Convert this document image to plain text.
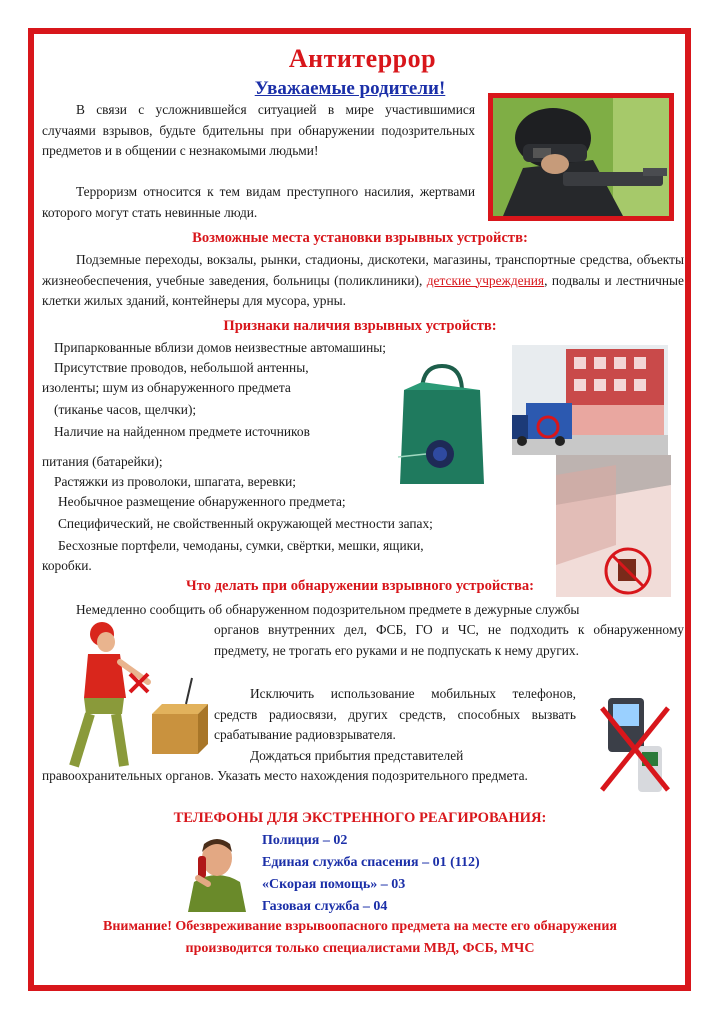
Антитеррор
Уважаемые родители!
В связи с усложнившейся ситуацией в мире участившимися случаями взрывов, будьте бдительны при обнаружении подозрительных предметов и в общении с незнакомыми людьми!
Терроризм относится к тем видам преступного насилия, жертвами которого могут стать невинные люди.
Возможные места установки взрывных устройств:
Подземные переходы, вокзалы, рынки, стадионы, дискотеки, магазины, транспортные средства, объекты жизнеобеспечения, учебные заведения, больницы (поликлиники), детские учреждения, подвалы и лестничные клетки жилых зданий, контейнеры для мусора, урны.
Признаки наличия взрывных устройств:
Припаркованные вблизи домов неизвестные автомашины;
Присутствие проводов, небольшой антенны,
изоленты; шум из обнаруженного предмета
(тиканье часов, щелчки);
Наличие на найденном предмете источников
питания (батарейки);
Растяжки из проволоки, шпагата, веревки;
Необычное размещение обнаруженного предмета;
Специфический, не свойственный окружающей местности запах;
Бесхозные портфели, чемоданы, сумки, свёртки, мешки, ящики,
коробки.
Что делать при обнаружении взрывного устройства:
Немедленно сообщить об обнаруженном подозрительном предмете в дежурные службы
органов внутренних дел, ФСБ, ГО и ЧС, не подходить к обнаруженному предмету, не трогать его руками и не подпускать к нему других.
Исключить использование мобильных телефонов, средств радиосвязи, других средств, способных вызвать срабатывание радиовзрывателя.
Дождаться прибытия представителей
правоохранительных органов. Указать место нахождения подозрительного предмета.
ТЕЛЕФОНЫ ДЛЯ ЭКСТРЕННОГО РЕАГИРОВАНИЯ:
Полиция – 02
Единая служба спасения – 01 (112)
«Скорая помощь» – 03
Газовая служба – 04
Внимание! Обезвреживание взрывоопасного предмета на месте его обнаружения
производится только специалистами МВД, ФСБ, МЧС
